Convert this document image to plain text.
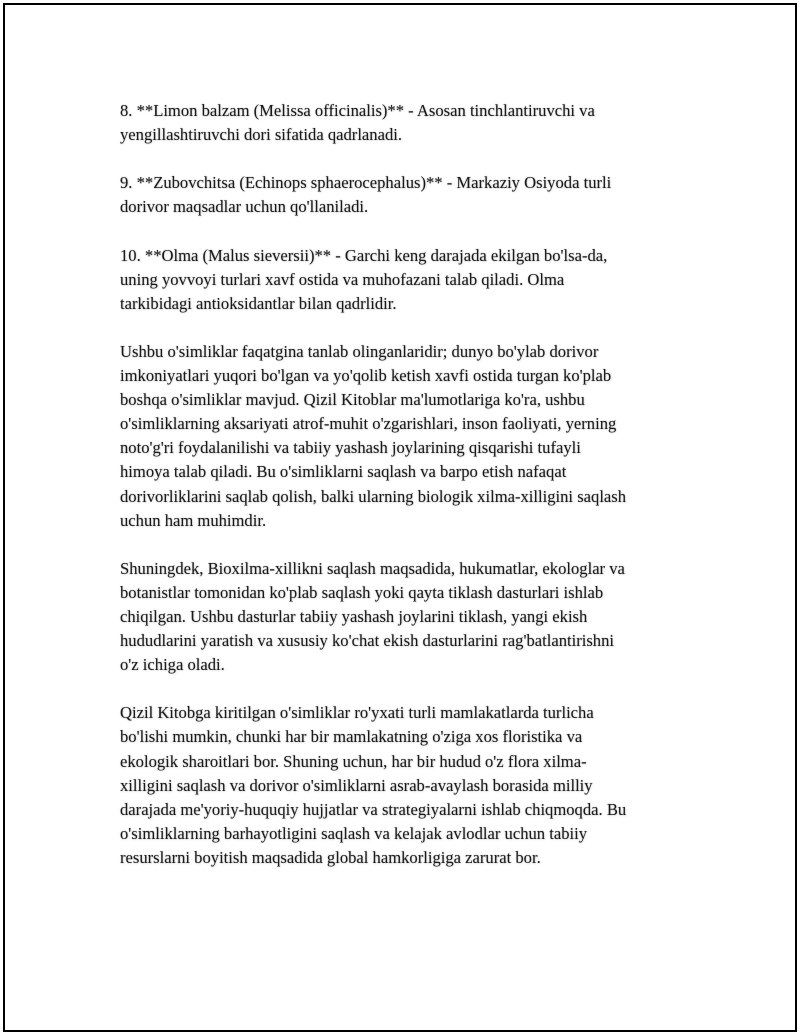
8. **Limon balzam (Melissa officinalis)** - Asosan tinchlantiruvchi va
yengillashtiruvchi dori sifatida qadrlanadi.

9. **Zubovchitsa (Echinops sphaerocephalus)** - Markaziy Osiyoda turli
dorivor maqsadlar uchun qo'llaniladi.

10. **Olma (Malus sieversii)** - Garchi keng darajada ekilgan bo'lsa-da,
uning yovvoyi turlari xavf ostida va muhofazani talab qiladi. Olma
tarkibidagi antioksidantlar bilan qadrlidir.

Ushbu o'simliklar faqatgina tanlab olinganlaridir; dunyo bo'ylab dorivor
imkoniyatlari yuqori bo'lgan va yo'qolib ketish xavfi ostida turgan ko'plab
boshqa o'simliklar mavjud. Qizil Kitoblar ma'lumotlariga ko'ra, ushbu
o'simliklarning aksariyati atrof-muhit o'zgarishlari, inson faoliyati, yerning
noto'g'ri foydalanilishi va tabiiy yashash joylarining qisqarishi tufayli
himoya talab qiladi. Bu o'simliklarni saqlash va barpo etish nafaqat
dorivorliklarini saqlab qolish, balki ularning biologik xilma-xilligini saqlash
uchun ham muhimdir.

Shuningdek, Bioxilma-xillikni saqlash maqsadida, hukumatlar, ekologlar va
botanistlar tomonidan ko'plab saqlash yoki qayta tiklash dasturlari ishlab
chiqilgan. Ushbu dasturlar tabiiy yashash joylarini tiklash, yangi ekish
hududlarini yaratish va xususiy ko'chat ekish dasturlarini rag'batlantirishni
o'z ichiga oladi.

Qizil Kitobga kiritilgan o'simliklar ro'yxati turli mamlakatlarda turlicha
bo'lishi mumkin, chunki har bir mamlakatning o'ziga xos floristika va
ekologik sharoitlari bor. Shuning uchun, har bir hudud o'z flora xilma-
xilligini saqlash va dorivor o'simliklarni asrab-avaylash borasida milliy
darajada me'yoriy-huquqiy hujjatlar va strategiyalarni ishlab chiqmoqda. Bu
o'simliklarning barhayotligini saqlash va kelajak avlodlar uchun tabiiy
resurslarni boyitish maqsadida global hamkorligiga zarurat bor.
